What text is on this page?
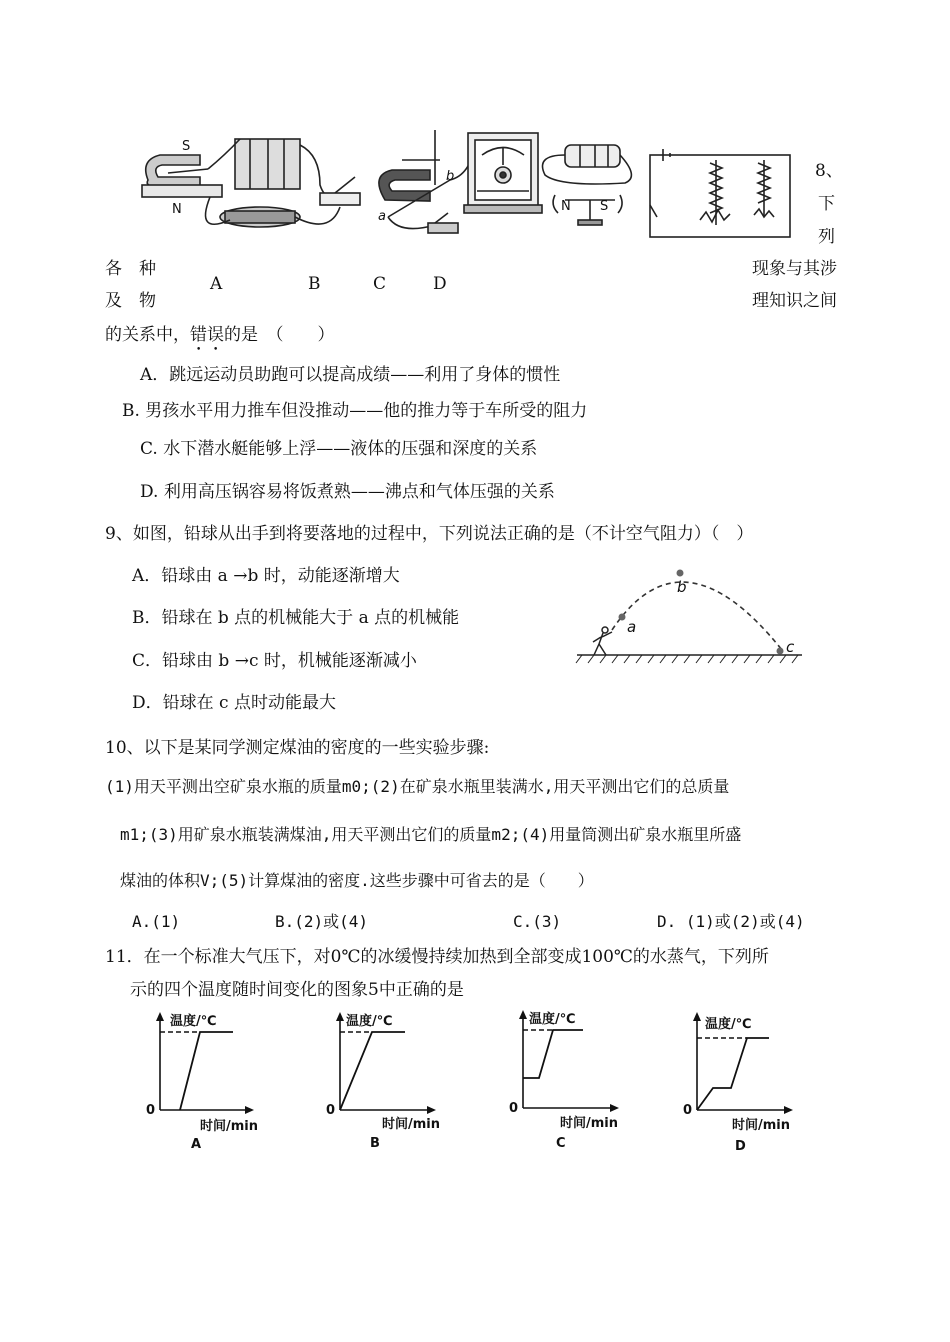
S
N	a
b
N S
8、
下
列
各　种
及　物
A	B	C	D
现象与其涉
理知识之间
的关系中，错误的是　（　　）
A．跳远运动员助跑可以提高成绩——利用了身体的惯性
B. 男孩水平用力推车但没推动——他的推力等于车所受的阻力
C. 水下潜水艇能够上浮——液体的压强和深度的关系
D. 利用高压锅容易将饭煮熟——沸点和气体压强的关系
9、如图，铅球从出手到将要落地的过程中，下列说法正确的是（不计空气阻力）（　）
A．铅球由 a →b 时，动能逐渐增大
B．铅球在 b 点的机械能大于 a 点的机械能
C．铅球由 b →c 时，机械能逐渐减小
D．铅球在 c 点时动能最大
a
b
c
10、以下是某同学测定煤油的密度的一些实验步骤:
(1)用天平测出空矿泉水瓶的质量m0;(2)在矿泉水瓶里装满水,用天平测出它们的总质量
m1;(3)用矿泉水瓶装满煤油,用天平测出它们的质量m2;(4)用量筒测出矿泉水瓶里所盛
煤油的体积V;(5)计算煤油的密度.这些步骤中可省去的是（　　）
A.(1)	B.(2)或(4)	C.(3)	D. (1)或(2)或(4)
11．在一个标准大气压下，对0℃的冰缓慢持续加热到全部变成100℃的水蒸气，下列所
示的四个温度随时间变化的图象5中正确的是
温度/℃
0
时间/min
A
温度/℃
0
时间/min
B
温度/℃
0
时间/min
C
温度/℃
0
时间/min
D
